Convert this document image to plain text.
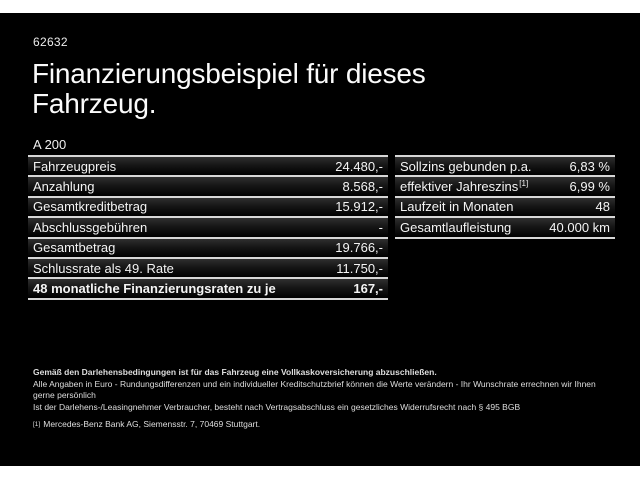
62632
Finanzierungsbeispiel für dieses
Fahrzeug.
A 200
Fahrzeugpreis	24.480,-
Anzahlung	8.568,-
Gesamtkreditbetrag	15.912,-
Abschlussgebühren	-
Gesamtbetrag	19.766,-
Schlussrate als 49. Rate	11.750,-
48 monatliche Finanzierungsraten zu je	167,-
Sollzins gebunden p.a.	6,83 %
effektiver Jahreszins[1]	6,99 %
Laufzeit in Monaten	48
Gesamtlaufleistung	40.000 km
Gemäß den Darlehensbedingungen ist für das Fahrzeug eine Vollkaskoversicherung abzuschließen.
Alle Angaben in Euro - Rundungsdifferenzen und ein individueller Kreditschutzbrief können die Werte verändern - Ihr Wunschrate errechnen wir Ihnen gerne persönlich
Ist der Darlehens-/Leasingnehmer Verbraucher, besteht nach Vertragsabschluss ein gesetzliches Widerrufsrecht nach § 495 BGB
[1] Mercedes-Benz Bank AG, Siemensstr. 7, 70469 Stuttgart.
